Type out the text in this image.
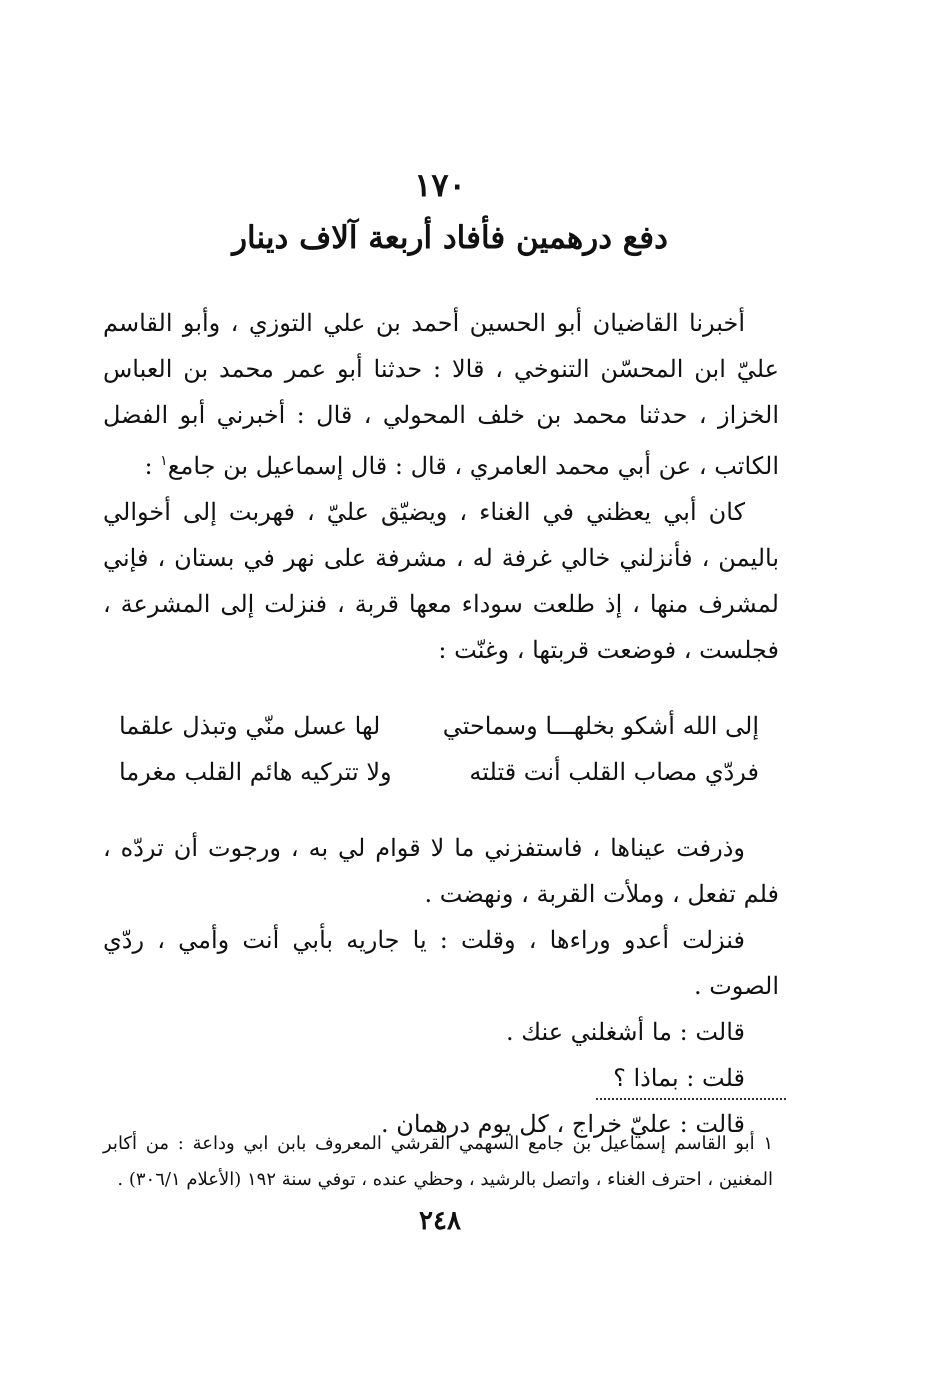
١٧٠
دفع درهمين فأفاد أربعة آلاف دينار

أخبرنا القاضيان أبو الحسين أحمد بن علي التوزي ، وأبو القاسم عليّ ابن المحسّن التنوخي ، قالا : حدثنا أبو عمر محمد بن العباس الخزاز ، حدثنا محمد بن خلف المحولي ، قال : أخبرني أبو الفضل الكاتب ، عن أبي محمد العامري ، قال : قال إسماعيل بن جامع$^١$ :

كان أبي يعظني في الغناء ، ويضيّق عليّ ، فهربت إلى أخوالي باليمن ، فأنزلني خالي غرفة له ، مشرفة على نهر في بستان ، فإني لمشرف منها ، إذ طلعت سوداء معها قربة ، فنزلت إلى المشرعة ، فجلست ، فوضعت قربتها ، وغنّت :

إلى الله أشكو بخلهـــا وسماحتي
لها عسل منّي وتبذل علقما
فردّي مصاب القلب أنت قتلته
ولا تتركيه هائم القلب مغرما

وذرفت عيناها ، فاستفزني ما لا قوام لي به ، ورجوت أن تردّه ، فلم تفعل ، وملأت القربة ، ونهضت .

فنزلت أعدو وراءها ، وقلت : يا جاريه بأبي أنت وأمي ، ردّي الصوت .

قالت : ما أشغلني عنك .

قلت : بماذا ؟

قالت : عليّ خراج ، كل يوم درهمان .

١ أبو القاسم إسماعيل بن جامع السهمي القرشي المعروف بابن ابي وداعة : من أكابر المغنين ، احترف الغناء ، واتصل بالرشيد ، وحظي عنده ، توفي سنة ١٩٢ (الأعلام ٣٠٦/١) .

٢٤٨
